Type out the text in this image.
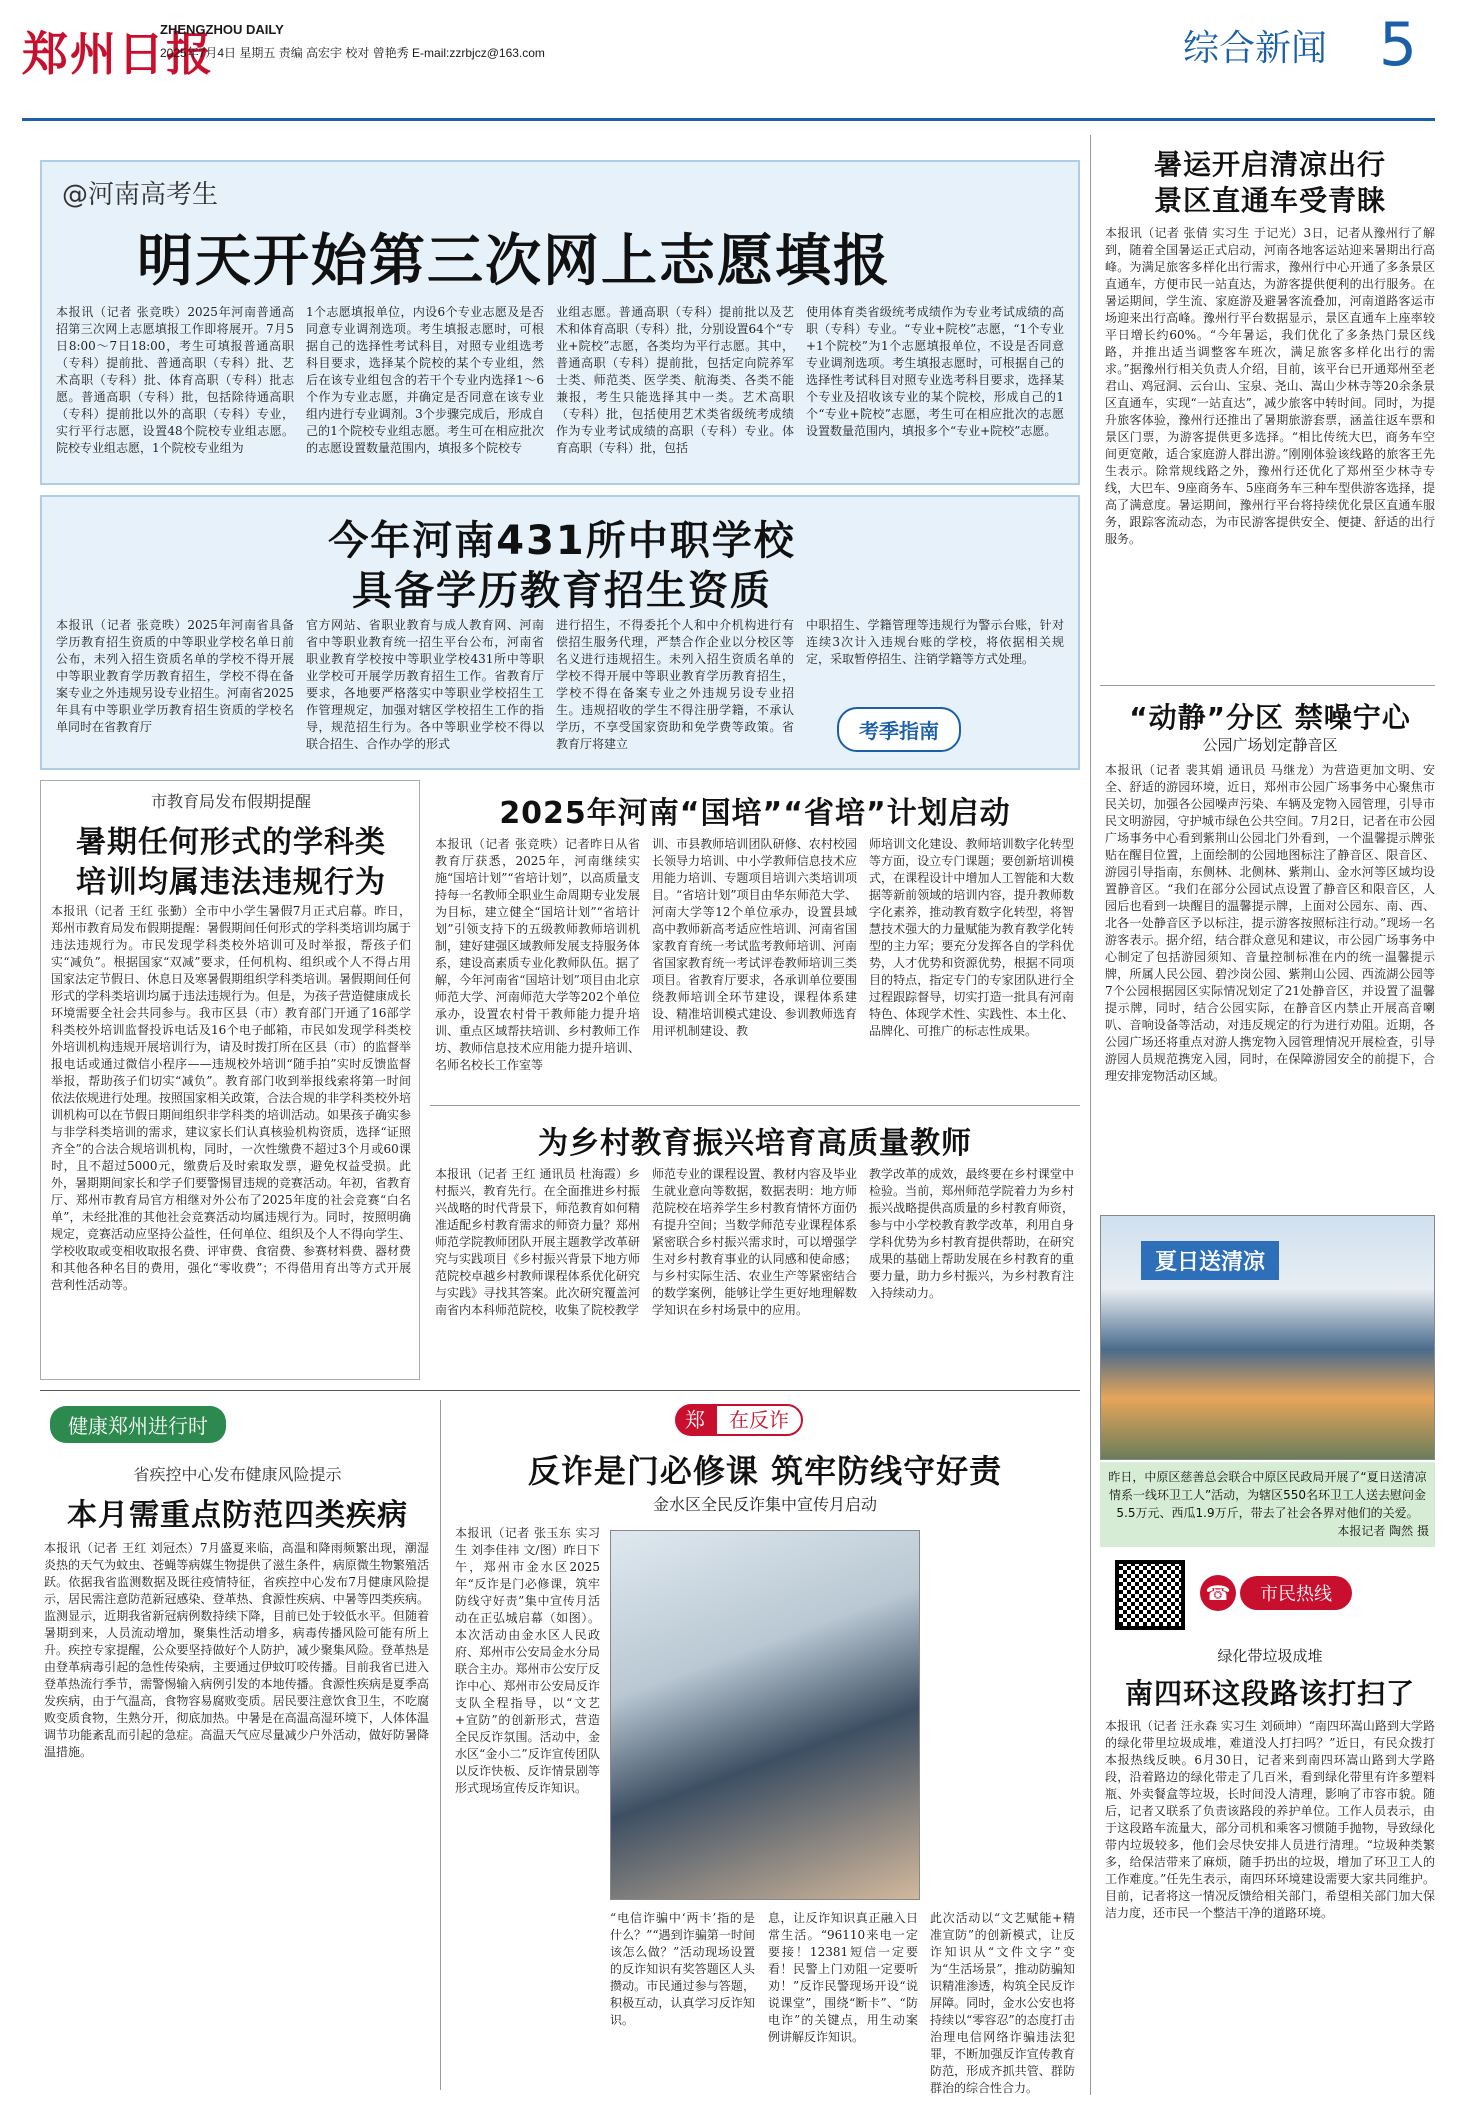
郑州日报
ZHENGZHOU DAILY
2025年7月4日 星期五 责编 高宏宇 校对 曾艳秀 E-mail:zzrbjcz@163.com	综合新闻 5
@河南高考生
明天开始第三次网上志愿填报
本报讯（记者 张竞昳）2025年河南普通高招第三次网上志愿填报工作即将展开。7月5日8:00～7日18:00，考生可填报普通高职（专科）提前批、普通高职（专科）批、艺术高职（专科）批、体育高职（专科）批志愿。普通高职（专科）批，包括除待通高职（专科）提前批以外的高职（专科）专业，实行平行志愿，设置48个院校专业组志愿。院校专业组志愿，1个院校专业组为
1个志愿填报单位，内设6个专业志愿及是否同意专业调剂选项。考生填报志愿时，可根据自己的选择性考试科目，对照专业组选考科目要求，选择某个院校的某个专业组，然后在该专业组包含的若干个专业内选择1～6个作为专业志愿，并确定是否同意在该专业组内进行专业调剂。3个步骤完成后，形成自己的1个院校专业组志愿。考生可在相应批次的志愿设置数量范围内，填报多个院校专
业组志愿。普通高职（专科）提前批以及艺术和体育高职（专科）批，分别设置64个“专业+院校”志愿，各类均为平行志愿。其中，普通高职（专科）提前批，包括定向院养军士类、师范类、医学类、航海类、各类不能兼报，考生只能选择其中一类。艺术高职（专科）批，包括使用艺术类省级统考成绩作为专业考试成绩的高职（专科）专业。体育高职（专科）批，包括
使用体育类省级统考成绩作为专业考试成绩的高职（专科）专业。“专业+院校”志愿，“1个专业+1个院校”为1个志愿填报单位，不设是否同意专业调剂选项。考生填报志愿时，可根据自己的选择性考试科目对照专业选考科目要求，选择某个专业及招收该专业的某个院校，形成自己的1个“专业+院校”志愿，考生可在相应批次的志愿设置数量范围内，填报多个“专业+院校”志愿。
今年河南431所中职学校
具备学历教育招生资质
本报讯（记者 张竞昳）2025年河南省具备学历教育招生资质的中等职业学校名单日前公布，未列入招生资质名单的学校不得开展中等职业教育学历教育招生，学校不得在备案专业之外违规另设专业招生。河南省2025年具有中等职业学历教育招生资质的学校名单同时在省教育厅
官方网站、省职业教育与成人教育网、河南省中等职业教育统一招生平台公布，河南省职业教育学校按中等职业学校431所中等职业学校可开展学历教育招生工作。省教育厅要求，各地要严格落实中等职业学校招生工作管理规定，加强对辖区学校招生工作的指导，规范招生行为。各中等职业学校不得以联合招生、合作办学的形式
进行招生，不得委托个人和中介机构进行有偿招生服务代理，严禁合作企业以分校区等名义进行违规招生。未列入招生资质名单的学校不得开展中等职业教育学历教育招生，学校不得在备案专业之外违规另设专业招生。违规招收的学生不得注册学籍，不承认学历，不享受国家资助和免学费等政策。省教育厅将建立
中职招生、学籍管理等违规行为警示台账，针对连续3次计入违规台账的学校，将依据相关规定，采取暂停招生、注销学籍等方式处理。
考季指南
市教育局发布假期提醒
暑期任何形式的学科类
培训均属违法违规行为
本报讯（记者 王红 张勤）全市中小学生暑假7月正式启幕。昨日，郑州市教育局发布假期提醒：暑假期间任何形式的学科类培训均属于违法违规行为。市民发现学科类校外培训可及时举报，帮孩子们实“减负”。根据国家“双减”要求，任何机构、组织或个人不得占用国家法定节假日、休息日及寒暑假期组织学科类培训。暑假期间任何形式的学科类培训均属于违法违规行为。但是，为孩子营造健康成长环境需要全社会共同参与。我市区县（市）教育部门开通了16部学科类校外培训监督投诉电话及16个电子邮箱，市民如发现学科类校外培训机构违规开展培训行为，请及时拨打所在区县（市）的监督举报电话或通过微信小程序——违规校外培训“随手拍”实时反馈监督举报，帮助孩子们切实“减负”。教育部门收到举报线索将第一时间依法依规进行处理。按照国家相关政策，合法合规的非学科类校外培训机构可以在节假日期间组织非学科类的培训活动。如果孩子确实参与非学科类培训的需求，建议家长们认真核验机构资质，选择“证照齐全”的合法合规培训机构，同时，一次性缴费不超过3个月或60课时，且不超过5000元，缴费后及时索取发票，避免权益受损。此外，暑期期间家长和学子们要警惕冒违规的竞赛活动。年初，省教育厅、郑州市教育局官方相继对外公布了2025年度的社会竞赛“白名单”，未经批准的其他社会竞赛活动均属违规行为。同时，按照明确规定，竞赛活动应坚持公益性，任何单位、组织及个人不得向学生、学校收取或变相收取报名费、评审费、食宿费、参赛材料费、器材费和其他各种名目的费用，强化“零收费”；不得借用育出等方式开展营利性活动等。
2025年河南“国培”“省培”计划启动
本报讯（记者 张竞昳）记者昨日从省教育厅获悉，2025年，河南继续实施“国培计划”“省培计划”，以高质量支持每一名教师全职业生命周期专业发展为目标，建立健全“国培计划”“省培计划”引领支持下的五级教师教师培训机制，建好建强区域教师发展支持服务体系，建设高素质专业化教师队伍。据了解，今年河南省“国培计划”项目由北京师范大学、河南师范大学等202个单位承办，设置农村骨干教师能力提升培训、重点区域帮扶培训、乡村教师工作坊、教师信息技术应用能力提升培训、名师名校长工作室等
训、市县教师培训团队研修、农村校园长领导力培训、中小学教师信息技术应用能力培训、专题项目培训六类培训项目。“省培计划”项目由华东师范大学、河南大学等12个单位承办，设置县域高中教师新高考适应性培训、河南省国家教育育统一考试监考教师培训、河南省国家教育统一考试评卷教师培训三类项目。省教育厅要求，各承训单位要围绕教师培训全环节建设，课程体系建设、精准培训模式建设、参训教师选育用评机制建设、教
师培训文化建设、教师培训数字化转型等方面，设立专门课题；要创新培训模式，在课程设计中增加人工智能和大数据等新前领域的培训内容，提升教师数字化素养，推动教育数字化转型，将智慧技术强大的力量赋能为教育教学化转型的主力军；要充分发挥各自的学科优势，人才优势和资源优势，根据不同项目的特点，指定专门的专家团队进行全过程跟踪督导，切实打造一批具有河南特色、体现学术性、实践性、本土化、品牌化、可推广的标志性成果。
为乡村教育振兴培育高质量教师
本报讯（记者 王红 通讯员 杜海霞）乡村振兴，教育先行。在全面推进乡村振兴战略的时代背景下，师范教育如何精准适配乡村教育需求的师资力量？郑州师范学院教师团队开展主题教学改革研究与实践项目《乡村振兴背景下地方师范院校卓越乡村教师课程体系优化研究与实践》寻找其答案。此次研究覆盖河南省内本科师范院校，收集了院校教学
师范专业的课程设置、教材内容及毕业生就业意向等数据，数据表明：地方师范院校在培养学生乡村教育情怀方面仍有提升空间；当数学师范专业课程体系紧密联合乡村振兴需求时，可以增强学生对乡村教育事业的认同感和使命感；与乡村实际生活、农业生产等紧密结合的数学案例，能够让学生更好地理解数学知识在乡村场景中的应用。
教学改革的成效，最终要在乡村课堂中检验。当前，郑州师范学院着力为乡村振兴战略提供高质量的乡村教育师资，参与中小学校教育教学改革，利用自身学科优势为乡村教育提供帮助，在研究成果的基础上帮助发展在乡村教育的重要力量，助力乡村振兴，为乡村教育注入持续动力。
健康郑州进行时
省疾控中心发布健康风险提示
本月需重点防范四类疾病
本报讯（记者 王红 刘冠杰）7月盛夏来临，高温和降雨频繁出现，潮湿炎热的天气为蚊虫、苍蝇等病媒生物提供了滋生条件，病原微生物繁殖活跃。依据我省监测数据及既往疫情特征，省疾控中心发布7月健康风险提示，居民需注意防范新冠感染、登革热、食源性疾病、中暑等四类疾病。监测显示，近期我省新冠病例数持续下降，目前已处于较低水平。但随着暑期到来，人员流动增加，聚集性活动增多，病毒传播风险可能有所上升。疾控专家提醒，公众要坚持做好个人防护，减少聚集风险。登革热是由登革病毒引起的急性传染病，主要通过伊蚊叮咬传播。目前我省已进入登革热流行季节，需警惕输入病例引发的本地传播。食源性疾病是夏季高发疾病，由于气温高，食物容易腐败变质。居民要注意饮食卫生，不吃腐败变质食物，生熟分开，彻底加热。中暑是在高温高湿环境下，人体体温调节功能紊乱而引起的急症。高温天气应尽量减少户外活动，做好防暑降温措施。
郑 在反诈
反诈是门必修课 筑牢防线守好责
金水区全民反诈集中宣传月启动
本报讯（记者 张玉东 实习生 刘李佳祎 文/图）昨日下午，郑州市金水区2025年“反诈是门必修课，筑牢防线守好责”集中宣传月活动在正弘城启幕（如图）。本次活动由金水区人民政府、郑州市公安局金水分局联合主办。郑州市公安厅反诈中心、郑州市公安局反诈支队全程指导，以“文艺+宣防”的创新形式，营造全民反诈氛围。活动中，金水区“金小二”反诈宣传团队以反诈快板、反诈情景剧等形式现场宣传反诈知识。
“电信诈骗中‘两卡’指的是什么？”“遇到诈骗第一时间该怎么做？”活动现场设置的反诈知识有奖答题区人头攒动。市民通过参与答题，积极互动，认真学习反诈知识。
息，让反诈知识真正融入日常生活。“96110来电一定要接！12381短信一定要看！民警上门劝阻一定要听劝！”反诈民警现场开设“说说课堂”，围绕“断卡”、“防电诈”的关键点，用生动案例讲解反诈知识。
此次活动以“文艺赋能+精准宣防”的创新模式，让反诈知识从“文件文字”变为“生活场景”，推动防骗知识精准渗透，构筑全民反诈屏障。同时，金水公安也将持续以“零容忍”的态度打击治理电信网络诈骗违法犯罪，不断加强反诈宣传教育防范，形成齐抓共管、群防群治的综合性合力。
暑运开启清凉出行
景区直通车受青睐
本报讯（记者 张倩 实习生 于记光）3日，记者从豫州行了解到，随着全国暑运正式启动，河南各地客运站迎来暑期出行高峰。为满足旅客多样化出行需求，豫州行中心开通了多条景区直通车，方便市民一站直达，为游客提供便利的出行服务。在暑运期间，学生流、家庭游及避暑客流叠加，河南道路客运市场迎来出行高峰。豫州行平台数据显示，景区直通车上座率较平日增长约60%。“今年暑运，我们优化了多条热门景区线路，并推出适当调整客车班次，满足旅客多样化出行的需求。”据豫州行相关负责人介绍，目前，该平台已开通郑州至老君山、鸡冠洞、云台山、宝泉、尧山、嵩山少林寺等20余条景区直通车，实现“一站直达”，减少旅客中转时间。同时，为提升旅客体验，豫州行还推出了暑期旅游套票，涵盖往返车票和景区门票，为游客提供更多选择。“相比传统大巴，商务车空间更宽敞，适合家庭游人群出游。”刚刚体验该线路的旅客王先生表示。除常规线路之外，豫州行还优化了郑州至少林寺专线，大巴车、9座商务车、5座商务车三种车型供游客选择，提高了满意度。暑运期间，豫州行平台将持续优化景区直通车服务，跟踪客流动态，为市民游客提供安全、便捷、舒适的出行服务。
“动静”分区 禁噪宁心
公园广场划定静音区
本报讯（记者 裴其娟 通讯员 马继龙）为营造更加文明、安全、舒适的游园环境，近日，郑州市公园广场事务中心聚焦市民关切，加强各公园噪声污染、车辆及宠物入园管理，引导市民文明游园，守护城市绿色公共空间。7月2日，记者在市公园广场事务中心看到紫荆山公园北门外看到，一个温馨提示牌张贴在醒目位置，上面绘制的公园地图标注了静音区、限音区、游园引导指南，东侧林、北侧林、紫荆山、金水河等区域均设置静音区。“我们在部分公园试点设置了静音区和限音区，人园后也看到一块醒目的温馨提示牌，上面对公园东、南、西、北各一处静音区予以标注，提示游客按照标注行动。”现场一名游客表示。据介绍，结合群众意见和建议，市公园广场事务中心制定了包括游园须知、音量控制标准在内的统一温馨提示牌，所属人民公园、碧沙岗公园、紫荆山公园、西流湖公园等7个公园根据园区实际情况划定了21处静音区，并设置了温馨提示牌，同时，结合公园实际，在静音区内禁止开展高音喇叭、音响设备等活动，对违反规定的行为进行劝阻。近期，各公园广场还将重点对游人携宠物入园管理情况开展检查，引导游园人员规范携宠入园，同时，在保障游园安全的前提下，合理安排宠物活动区域。
夏日送清凉
昨日，中原区慈善总会联合中原区民政局开展了“夏日送清凉 情系一线环卫工人”活动，为辖区550名环卫工人送去慰问金5.5万元、西瓜1.9万斤，带去了社会各界对他们的关爱。
本报记者 陶然 摄
☎	市民热线
绿化带垃圾成堆
南四环这段路该打扫了
本报讯（记者 汪永森 实习生 刘硕坤）“南四环嵩山路到大学路的绿化带里垃圾成堆，难道没人打扫吗？”近日，有民众拨打本报热线反映。6月30日，记者来到南四环嵩山路到大学路段，沿着路边的绿化带走了几百米，看到绿化带里有许多塑料瓶、外卖餐盒等垃圾，长时间没人清理，影响了市容市貌。随后，记者又联系了负责该路段的养护单位。工作人员表示，由于这段路车流量大，部分司机和乘客习惯随手抛物，导致绿化带内垃圾较多，他们会尽快安排人员进行清理。“垃圾种类繁多，给保洁带来了麻烦，随手扔出的垃圾，增加了环卫工人的工作难度。”任先生表示，南四环环境建设需要大家共同维护。目前，记者将这一情况反馈给相关部门，希望相关部门加大保洁力度，还市民一个整洁干净的道路环境。
